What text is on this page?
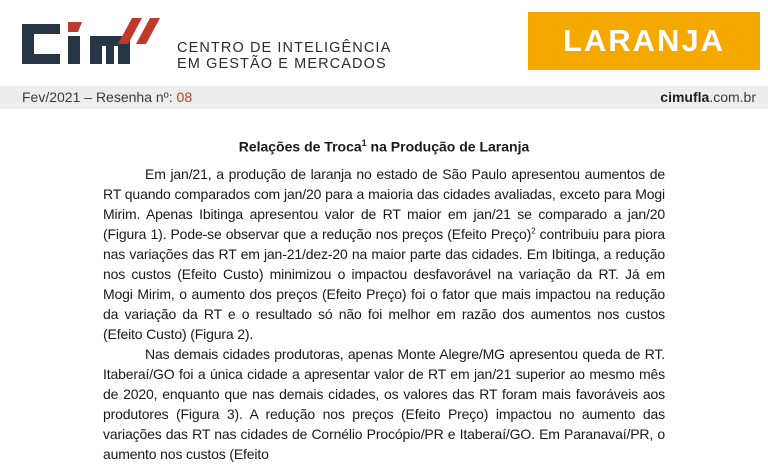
CENTRO DE INTELIGÊNCIA
EM GESTÃO E MERCADOS
LARANJA
Fev/2021 – Resenha nº: 08	cimufla.com.br
Relações de Troca$^1$ na Produção de Laranja

Em jan/21, a produção de laranja no estado de São Paulo apresentou aumentos de RT quando comparados com jan/20 para a maioria das cidades avaliadas, exceto para Mogi Mirim. Apenas Ibitinga apresentou valor de RT maior em jan/21 se comparado a jan/20 (Figura 1). Pode-se observar que a redução nos preços (Efeito Preço)$^2$ contribuiu para piora nas variações das RT em jan-21/dez-20 na maior parte das cidades. Em Ibitinga, a redução nos custos (Efeito Custo) minimizou o impactou desfavorável na variação da RT. Já em Mogi Mirim, o aumento dos preços (Efeito Preço) foi o fator que mais impactou na redução da variação da RT e o resultado só não foi melhor em razão dos aumentos nos custos (Efeito Custo) (Figura 2).

Nas demais cidades produtoras, apenas Monte Alegre/MG apresentou queda de RT. Itaberaí/GO foi a única cidade a apresentar valor de RT em jan/21 superior ao mesmo mês de 2020, enquanto que nas demais cidades, os valores das RT foram mais favoráveis aos produtores (Figura 3). A redução nos preços (Efeito Preço) impactou no aumento das variações das RT nas cidades de Cornélio Procópio/PR e Itaberaí/GO. Em Paranavaí/PR, o aumento nos custos (Efeito
